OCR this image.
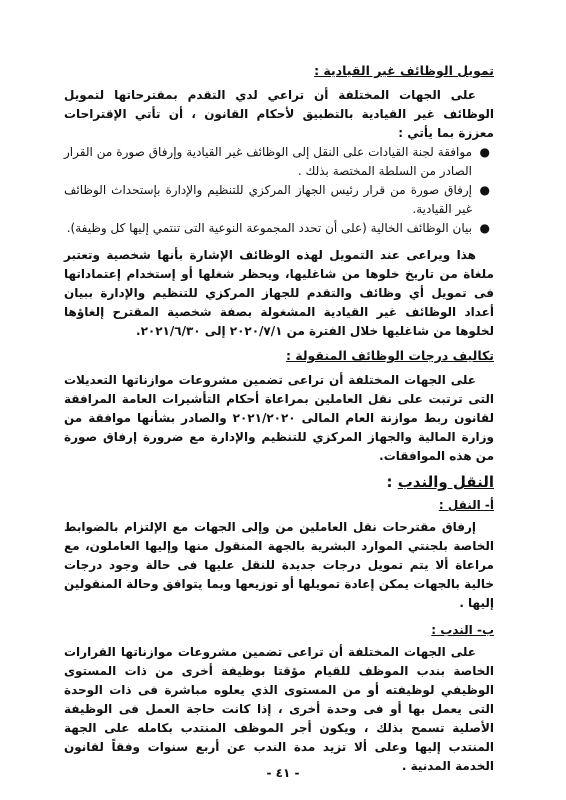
تمويل الوظائف غير القيادية :

على الجهات المختلفة أن تراعي لدي التقدم بمقترحاتها لتمويل الوظائف غير القيادية بالتطبيق لأحكام القانون ، أن تأتي الإقتراحات معززة بما يأتي :

●
موافقة لجنة القيادات على النقل إلى الوظائف غير القيادية وإرفاق صورة من القرار الصادر من السلطة المختصة بذلك .
●
إرفاق صورة من قرار رئيس الجهاز المركزي للتنظيم والإدارة بإستحداث الوظائف غير القيادية.
●
بيان الوظائف الخالية (على أن تحدد المجموعة النوعية التى تنتمي إليها كل وظيفة).

هذا ويراعى عند التمويل لهذه الوظائف الإشارة بأنها شخصية وتعتبر ملغاة من تاريخ خلوها من شاغليها، ويحظر شغلها أو إستخدام إعتماداتها فى تمويل أي وظائف والتقدم للجهاز المركزي للتنظيم والإدارة ببيان أعداد الوظائف غير القيادية المشغولة بصفة شخصية المقترح إلغاؤها لخلوها من شاغليها خلال الفترة من ٢٠٢٠/٧/١ إلى ٢٠٢١/٦/٣٠.

تكاليف درجات الوظائف المنقولة :

على الجهات المختلفة أن تراعى تضمين مشروعات موازناتها التعديلات التى ترتبت على نقل العاملين بمراعاة أحكام التأشيرات العامة المرافقة لقانون ربط موازنة العام المالى ٢٠٢١/٢٠٢٠ والصادر بشأنها موافقة من وزارة المالية والجهاز المركزي للتنظيم والإدارة مع ضرورة إرفاق صورة من هذه الموافقات.

النقل والندب :
أ- النقل :

إرفاق مقترحات نقل العاملين من وإلى الجهات مع الإلتزام بالضوابط الخاصة بلجنتي الموارد البشرية بالجهة المنقول منها وإليها العاملون، مع مراعاة ألا يتم تمويل درجات جديدة للنقل عليها فى حالة وجود درجات خالية بالجهات يمكن إعادة تمويلها أو توزيعها وبما يتوافق وحالة المنقولين إليها .

ب- الندب :

على الجهات المختلفة أن تراعى تضمين مشروعات موازناتها القرارات الخاصة بندب الموظف للقيام مؤقتا بوظيفة أخرى من ذات المستوى الوظيفي لوظيفته أو من المستوى الذي يعلوه مباشرة فى ذات الوحدة التى يعمل بها أو فى وحدة أخرى ، إذا كانت حاجة العمل فى الوظيفة الأصلية تسمح بذلك ، ويكون أجر الموظف المنتدب بكامله على الجهة المنتدب إليها وعلى ألا تزيد مدة الندب عن أربع سنوات وفقاً لقانون الخدمة المدنية .

- ٤١ -
